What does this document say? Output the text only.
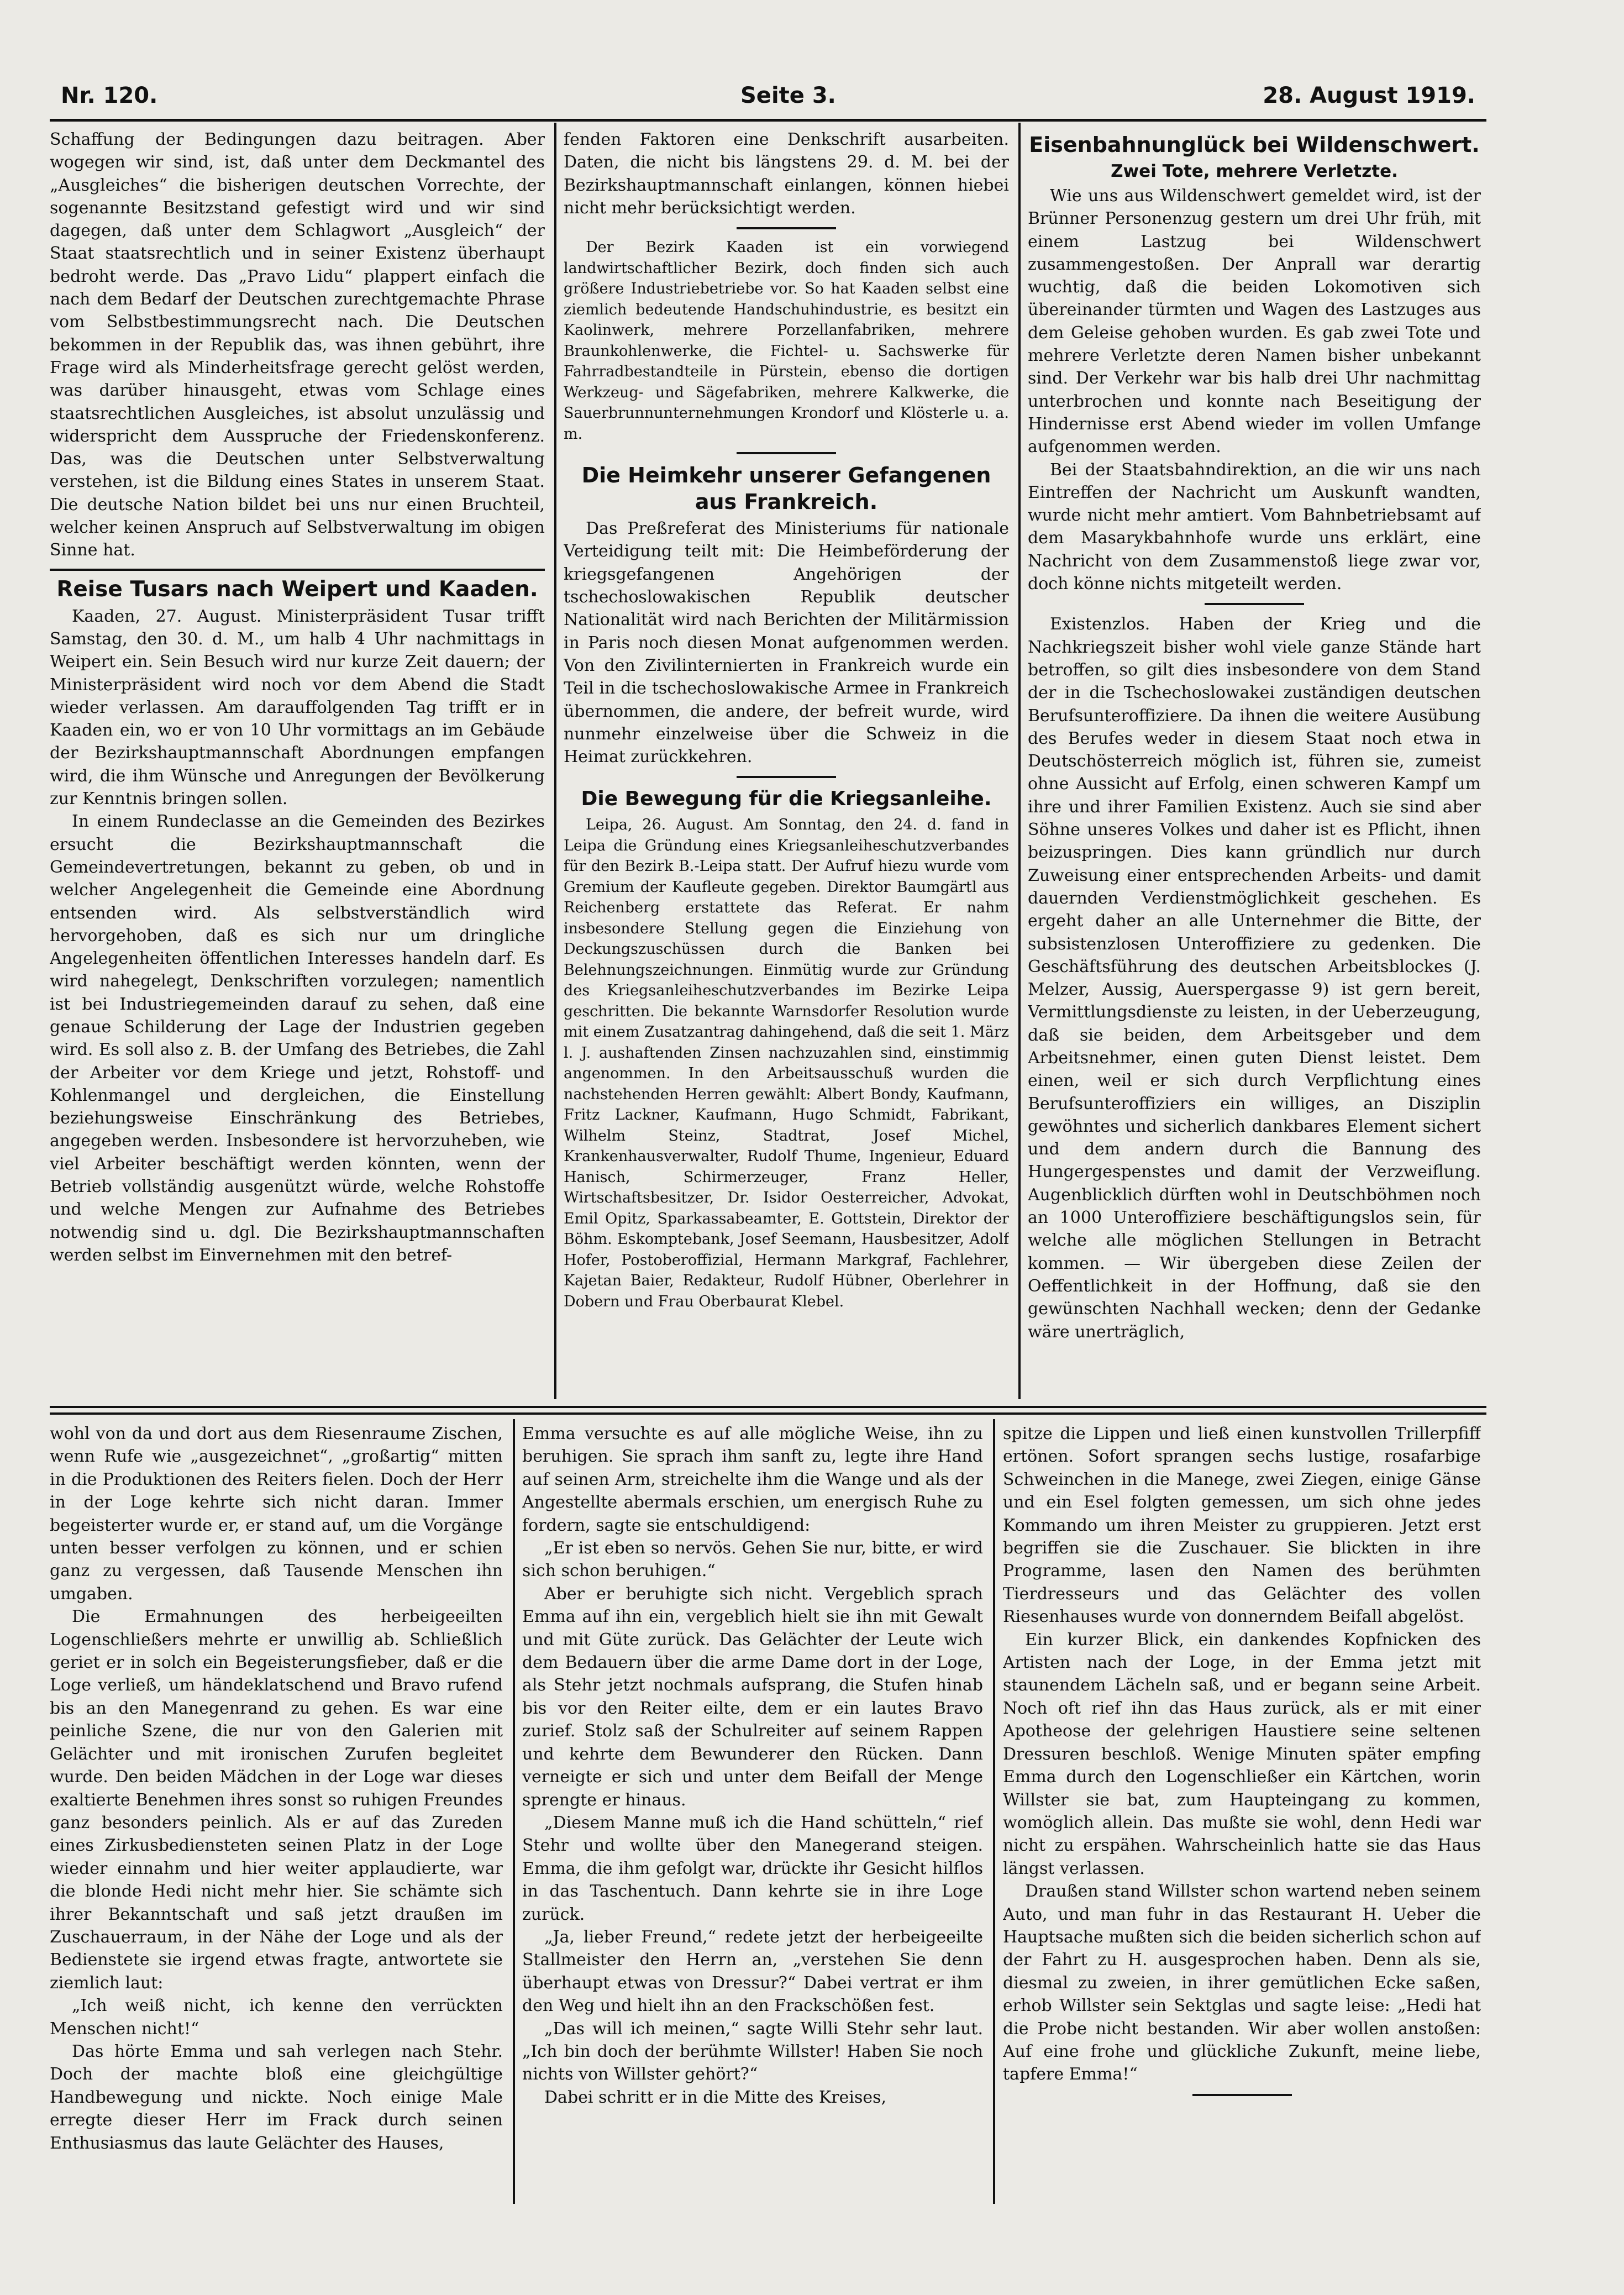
Nr. 120.	Seite 3.	28. August 1919.

Schaffung der Bedingungen dazu beitragen. Aber wogegen wir sind, ist, daß unter dem Deckmantel des „Ausgleiches“ die bisherigen deutschen Vorrechte, der sogenannte Besitzstand gefestigt wird und wir sind dagegen, daß unter dem Schlagwort „Ausgleich“ der Staat staatsrechtlich und in seiner Existenz überhaupt bedroht werde. Das „Pravo Lidu“ plappert einfach die nach dem Bedarf der Deutschen zurechtgemachte Phrase vom Selbstbestimmungsrecht nach. Die Deutschen bekommen in der Republik das, was ihnen gebührt, ihre Frage wird als Minderheitsfrage gerecht gelöst werden, was darüber hinausgeht, etwas vom Schlage eines staatsrechtlichen Ausgleiches, ist absolut unzulässig und widerspricht dem Ausspruche der Friedenskonferenz. Das, was die Deutschen unter Selbstverwaltung verstehen, ist die Bildung eines States in unserem Staat. Die deutsche Nation bildet bei uns nur einen Bruchteil, welcher keinen Anspruch auf Selbstverwaltung im obigen Sinne hat.

Reise Tusars nach Weipert und Kaaden.

Kaaden, 27. August. Ministerpräsident Tusar trifft Samstag, den 30. d. M., um halb 4 Uhr nachmittags in Weipert ein. Sein Besuch wird nur kurze Zeit dauern; der Ministerpräsident wird noch vor dem Abend die Stadt wieder verlassen. Am darauffolgenden Tag trifft er in Kaaden ein, wo er von 10 Uhr vormittags an im Gebäude der Bezirkshauptmannschaft Abordnungen empfangen wird, die ihm Wünsche und Anregungen der Bevölkerung zur Kenntnis bringen sollen.

In einem Rundeclasse an die Gemeinden des Bezirkes ersucht die Bezirkshauptmannschaft die Gemeindevertretungen, bekannt zu geben, ob und in welcher Angelegenheit die Gemeinde eine Abordnung entsenden wird. Als selbstverständlich wird hervorgehoben, daß es sich nur um dringliche Angelegenheiten öffentlichen Interesses handeln darf. Es wird nahegelegt, Denkschriften vorzulegen; namentlich ist bei Industriegemeinden darauf zu sehen, daß eine genaue Schilderung der Lage der Industrien gegeben wird. Es soll also z. B. der Umfang des Betriebes, die Zahl der Arbeiter vor dem Kriege und jetzt, Rohstoff- und Kohlenmangel und dergleichen, die Einstellung beziehungsweise Einschränkung des Betriebes, angegeben werden. Insbesondere ist hervorzuheben, wie viel Arbeiter beschäftigt werden könnten, wenn der Betrieb vollständig ausgenützt würde, welche Rohstoffe und welche Mengen zur Aufnahme des Betriebes notwendig sind u. dgl. Die Bezirkshauptmannschaften werden selbst im Einvernehmen mit den betref-

fenden Faktoren eine Denkschrift ausarbeiten. Daten, die nicht bis längstens 29. d. M. bei der Bezirkshauptmannschaft einlangen, können hiebei nicht mehr berücksichtigt werden.

Der Bezirk Kaaden ist ein vorwiegend landwirtschaftlicher Bezirk, doch finden sich auch größere Industriebetriebe vor. So hat Kaaden selbst eine ziemlich bedeutende Handschuhindustrie, es besitzt ein Kaolinwerk, mehrere Porzellanfabriken, mehrere Braunkohlenwerke, die Fichtel- u. Sachswerke für Fahrradbestandteile in Pürstein, ebenso die dortigen Werkzeug- und Sägefabriken, mehrere Kalkwerke, die Sauerbrunnunternehmungen Krondorf und Klösterle u. a. m.

Die Heimkehr unserer Gefangenen aus Frankreich.

Das Preßreferat des Ministeriums für nationale Verteidigung teilt mit: Die Heimbeförderung der kriegsgefangenen Angehörigen der tschechoslowakischen Republik deutscher Nationalität wird nach Berichten der Militärmission in Paris noch diesen Monat aufgenommen werden. Von den Zivilinternierten in Frankreich wurde ein Teil in die tschechoslowakische Armee in Frankreich übernommen, die andere, der befreit wurde, wird nunmehr einzelweise über die Schweiz in die Heimat zurückkehren.

Die Bewegung für die Kriegsanleihe.

Leipa, 26. August. Am Sonntag, den 24. d. fand in Leipa die Gründung eines Kriegsanleiheschutzverbandes für den Bezirk B.-Leipa statt. Der Aufruf hiezu wurde vom Gremium der Kaufleute gegeben. Direktor Baumgärtl aus Reichenberg erstattete das Referat. Er nahm insbesondere Stellung gegen die Einziehung von Deckungszuschüssen durch die Banken bei Belehnungszeichnungen. Einmütig wurde zur Gründung des Kriegsanleiheschutzverbandes im Bezirke Leipa geschritten. Die bekannte Warnsdorfer Resolution wurde mit einem Zusatzantrag dahingehend, daß die seit 1. März l. J. aushaftenden Zinsen nachzuzahlen sind, einstimmig angenommen. In den Arbeitsausschuß wurden die nachstehenden Herren gewählt: Albert Bondy, Kaufmann, Fritz Lackner, Kaufmann, Hugo Schmidt, Fabrikant, Wilhelm Steinz, Stadtrat, Josef Michel, Krankenhausverwalter, Rudolf Thume, Ingenieur, Eduard Hanisch, Schirmerzeuger, Franz Heller, Wirtschaftsbesitzer, Dr. Isidor Oesterreicher, Advokat, Emil Opitz, Sparkassabeamter, E. Gottstein, Direktor der Böhm. Eskomptebank, Josef Seemann, Hausbesitzer, Adolf Hofer, Postoberoffizial, Hermann Markgraf, Fachlehrer, Kajetan Baier, Redakteur, Rudolf Hübner, Oberlehrer in Dobern und Frau Oberbaurat Klebel.

Eisenbahnunglück bei Wildenschwert.
Zwei Tote, mehrere Verletzte.

Wie uns aus Wildenschwert gemeldet wird, ist der Brünner Personenzug gestern um drei Uhr früh, mit einem Lastzug bei Wildenschwert zusammengestoßen. Der Anprall war derartig wuchtig, daß die beiden Lokomotiven sich übereinander türmten und Wagen des Lastzuges aus dem Geleise gehoben wurden. Es gab zwei Tote und mehrere Verletzte deren Namen bisher unbekannt sind. Der Verkehr war bis halb drei Uhr nachmittag unterbrochen und konnte nach Beseitigung der Hindernisse erst Abend wieder im vollen Umfange aufgenommen werden.

Bei der Staatsbahndirektion, an die wir uns nach Eintreffen der Nachricht um Auskunft wandten, wurde nicht mehr amtiert. Vom Bahnbetriebsamt auf dem Masarykbahnhofe wurde uns erklärt, eine Nachricht von dem Zusammenstoß liege zwar vor, doch könne nichts mitgeteilt werden.

Existenzlos. Haben der Krieg und die Nachkriegszeit bisher wohl viele ganze Stände hart betroffen, so gilt dies insbesondere von dem Stand der in die Tschechoslowakei zuständigen deutschen Berufsunteroffiziere. Da ihnen die weitere Ausübung des Berufes weder in diesem Staat noch etwa in Deutschösterreich möglich ist, führen sie, zumeist ohne Aussicht auf Erfolg, einen schweren Kampf um ihre und ihrer Familien Existenz. Auch sie sind aber Söhne unseres Volkes und daher ist es Pflicht, ihnen beizuspringen. Dies kann gründlich nur durch Zuweisung einer entsprechenden Arbeits- und damit dauernden Verdienstmöglichkeit geschehen. Es ergeht daher an alle Unternehmer die Bitte, der subsistenzlosen Unteroffiziere zu gedenken. Die Geschäftsführung des deutschen Arbeitsblockes (J. Melzer, Aussig, Auerspergasse 9) ist gern bereit, Vermittlungsdienste zu leisten, in der Ueberzeugung, daß sie beiden, dem Arbeitsgeber und dem Arbeitsnehmer, einen guten Dienst leistet. Dem einen, weil er sich durch Verpflichtung eines Berufsunteroffiziers ein williges, an Disziplin gewöhntes und sicherlich dankbares Element sichert und dem andern durch die Bannung des Hungergespenstes und damit der Verzweiflung. Augenblicklich dürften wohl in Deutschböhmen noch an 1000 Unteroffiziere beschäftigungslos sein, für welche alle möglichen Stellungen in Betracht kommen. — Wir übergeben diese Zeilen der Oeffentlichkeit in der Hoffnung, daß sie den gewünschten Nachhall wecken; denn der Gedanke wäre unerträglich,

wohl von da und dort aus dem Riesenraume Zischen, wenn Rufe wie „ausgezeichnet“, „großartig“ mitten in die Produktionen des Reiters fielen. Doch der Herr in der Loge kehrte sich nicht daran. Immer begeisterter wurde er, er stand auf, um die Vorgänge unten besser verfolgen zu können, und er schien ganz zu vergessen, daß Tausende Menschen ihn umgaben.

Die Ermahnungen des herbeigeeilten Logenschließers mehrte er unwillig ab. Schließlich geriet er in solch ein Begeisterungsfieber, daß er die Loge verließ, um händeklatschend und Bravo rufend bis an den Manegenrand zu gehen. Es war eine peinliche Szene, die nur von den Galerien mit Gelächter und mit ironischen Zurufen begleitet wurde. Den beiden Mädchen in der Loge war dieses exaltierte Benehmen ihres sonst so ruhigen Freundes ganz besonders peinlich. Als er auf das Zureden eines Zirkusbediensteten seinen Platz in der Loge wieder einnahm und hier weiter applaudierte, war die blonde Hedi nicht mehr hier. Sie schämte sich ihrer Bekanntschaft und saß jetzt draußen im Zuschauerraum, in der Nähe der Loge und als der Bedienstete sie irgend etwas fragte, antwortete sie ziemlich laut:

„Ich weiß nicht, ich kenne den verrückten Menschen nicht!“

Das hörte Emma und sah verlegen nach Stehr. Doch der machte bloß eine gleichgültige Handbewegung und nickte. Noch einige Male erregte dieser Herr im Frack durch seinen Enthusiasmus das laute Gelächter des Hauses,

Emma versuchte es auf alle mögliche Weise, ihn zu beruhigen. Sie sprach ihm sanft zu, legte ihre Hand auf seinen Arm, streichelte ihm die Wange und als der Angestellte abermals erschien, um energisch Ruhe zu fordern, sagte sie entschuldigend:

„Er ist eben so nervös. Gehen Sie nur, bitte, er wird sich schon beruhigen.“

Aber er beruhigte sich nicht. Vergeblich sprach Emma auf ihn ein, vergeblich hielt sie ihn mit Gewalt und mit Güte zurück. Das Gelächter der Leute wich dem Bedauern über die arme Dame dort in der Loge, als Stehr jetzt nochmals aufsprang, die Stufen hinab bis vor den Reiter eilte, dem er ein lautes Bravo zurief. Stolz saß der Schulreiter auf seinem Rappen und kehrte dem Bewunderer den Rücken. Dann verneigte er sich und unter dem Beifall der Menge sprengte er hinaus.

„Diesem Manne muß ich die Hand schütteln,“ rief Stehr und wollte über den Manegerand steigen. Emma, die ihm gefolgt war, drückte ihr Gesicht hilflos in das Taschentuch. Dann kehrte sie in ihre Loge zurück.

„Ja, lieber Freund,“ redete jetzt der herbeigeeilte Stallmeister den Herrn an, „verstehen Sie denn überhaupt etwas von Dressur?“ Dabei vertrat er ihm den Weg und hielt ihn an den Frackschößen fest.

„Das will ich meinen,“ sagte Willi Stehr sehr laut. „Ich bin doch der berühmte Willster! Haben Sie noch nichts von Willster gehört?“

Dabei schritt er in die Mitte des Kreises,

spitze die Lippen und ließ einen kunstvollen Trillerpfiff ertönen. Sofort sprangen sechs lustige, rosafarbige Schweinchen in die Manege, zwei Ziegen, einige Gänse und ein Esel folgten gemessen, um sich ohne jedes Kommando um ihren Meister zu gruppieren. Jetzt erst begriffen sie die Zuschauer. Sie blickten in ihre Programme, lasen den Namen des berühmten Tierdresseurs und das Gelächter des vollen Riesenhauses wurde von donnerndem Beifall abgelöst.

Ein kurzer Blick, ein dankendes Kopfnicken des Artisten nach der Loge, in der Emma jetzt mit staunendem Lächeln saß, und er begann seine Arbeit. Noch oft rief ihn das Haus zurück, als er mit einer Apotheose der gelehrigen Haustiere seine seltenen Dressuren beschloß. Wenige Minuten später empfing Emma durch den Logenschließer ein Kärtchen, worin Willster sie bat, zum Haupteingang zu kommen, womöglich allein. Das mußte sie wohl, denn Hedi war nicht zu erspähen. Wahrscheinlich hatte sie das Haus längst verlassen.

Draußen stand Willster schon wartend neben seinem Auto, und man fuhr in das Restaurant H. Ueber die Hauptsache mußten sich die beiden sicherlich schon auf der Fahrt zu H. ausgesprochen haben. Denn als sie, diesmal zu zweien, in ihrer gemütlichen Ecke saßen, erhob Willster sein Sektglas und sagte leise: „Hedi hat die Probe nicht bestanden. Wir aber wollen anstoßen: Auf eine frohe und glückliche Zukunft, meine liebe, tapfere Emma!“
